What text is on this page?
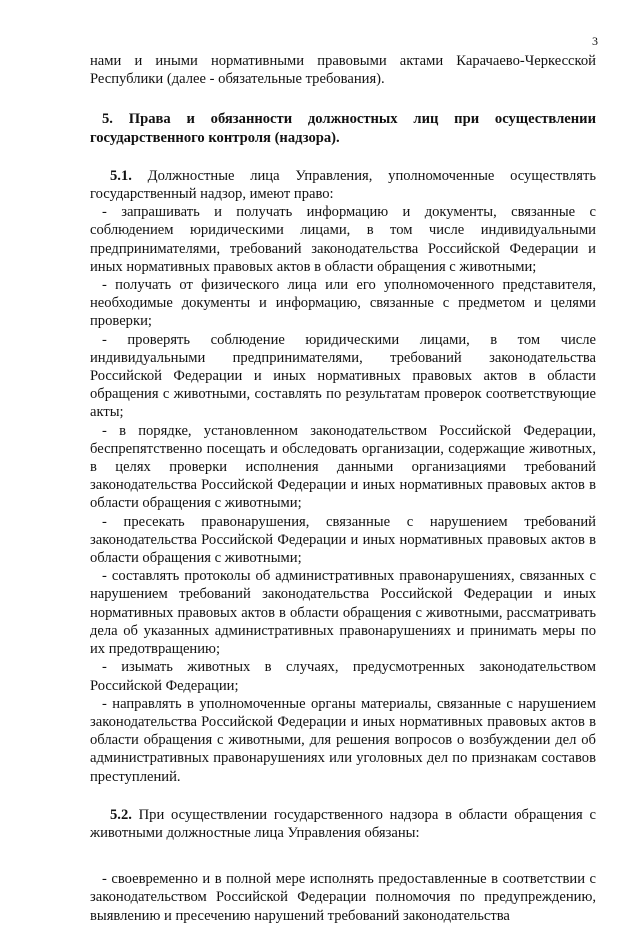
3

нами и иными нормативными правовыми актами Карачаево-Черкесской Республики (далее - обязательные требования).

5. Права и обязанности должностных лиц при осуществлении государственного контроля (надзора).

5.1. Должностные лица Управления, уполномоченные осуществлять государственный надзор, имеют право:

- запрашивать и получать информацию и документы, связанные с соблюдением юридическими лицами, в том числе индивидуальными предпринимателями, требований законодательства Российской Федерации и иных нормативных правовых актов в области обращения с животными;

- получать от физического лица или его уполномоченного представителя, необходимые документы и информацию, связанные с предметом и целями проверки;

- проверять соблюдение юридическими лицами, в том числе индивидуальными предпринимателями, требований законодательства Российской Федерации и иных нормативных правовых актов в области обращения с животными, составлять по результатам проверок соответствующие акты;

- в порядке, установленном законодательством Российской Федерации, беспрепятственно посещать и обследовать организации, содержащие животных, в целях проверки исполнения данными организациями требований законодательства Российской Федерации и иных нормативных правовых актов в области обращения с животными;

- пресекать правонарушения, связанные с нарушением требований законодательства Российской Федерации и иных нормативных правовых актов в области обращения с животными;

- составлять протоколы об административных правонарушениях, связанных с нарушением требований законодательства Российской Федерации и иных нормативных правовых актов в области обращения с животными, рассматривать дела об указанных административных правонарушениях и принимать меры по их предотвращению;

- изымать животных в случаях, предусмотренных законодательством Российской Федерации;

- направлять в уполномоченные органы материалы, связанные с нарушением законодательства Российской Федерации и иных нормативных правовых актов в области обращения с животными, для решения вопросов о возбуждении дел об административных правонарушениях или уголовных дел по признакам составов преступлений.

5.2. При осуществлении государственного надзора в области обращения с животными должностные лица Управления обязаны:

- своевременно и в полной мере исполнять предоставленные в соответствии с законодательством Российской Федерации полномочия по предупреждению, выявлению и пресечению нарушений требований законодательства
